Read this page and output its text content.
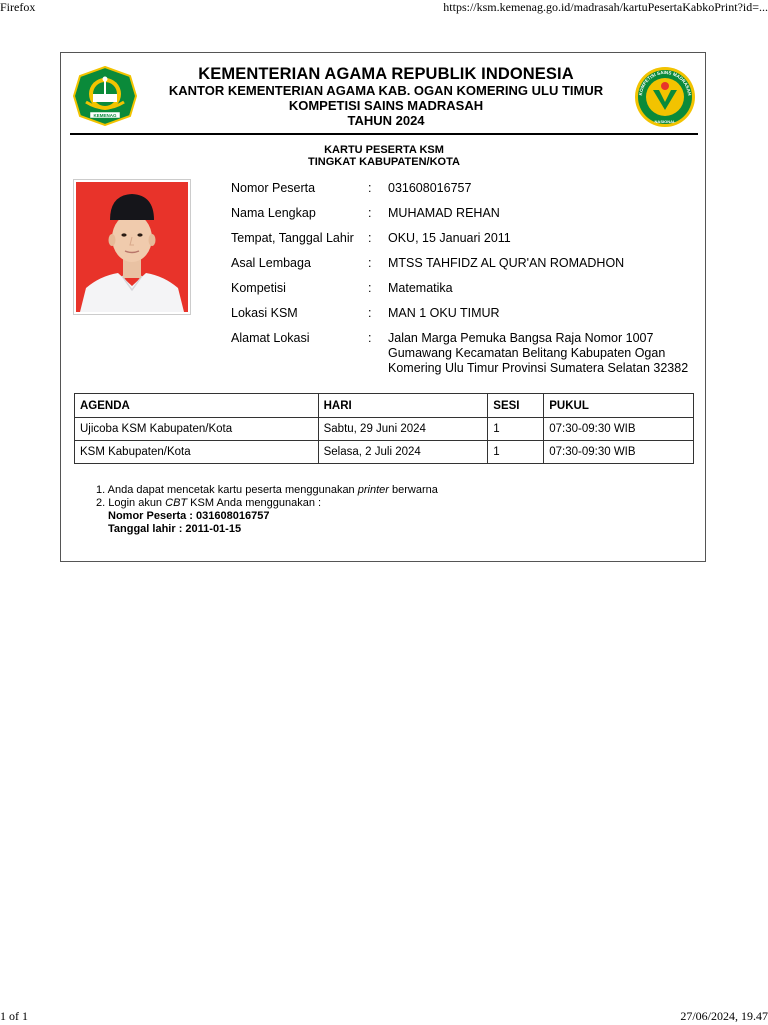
Firefox	https://ksm.kemenag.go.id/madrasah/kartuPesertaKabkoPrint?id=...
KEMENAG
KEMENTERIAN AGAMA REPUBLIK INDONESIA
KANTOR KEMENTERIAN AGAMA KAB. OGAN KOMERING ULU TIMUR
KOMPETISI SAINS MADRASAH
TAHUN 2024
KOMPETISI SAINS MADRASAH
NASIONAL
KARTU PESERTA KSM
TINGKAT KABUPATEN/KOTA
Nomor Peserta	: 031608016757
Nama Lengkap	: MUHAMAD REHAN
Tempat, Tanggal Lahir	: OKU, 15 Januari 2011
Asal Lembaga	: MTSS TAHFIDZ AL QUR'AN ROMADHON
Kompetisi	: Matematika
Lokasi KSM	: MAN 1 OKU TIMUR
Alamat Lokasi	: Jalan Marga Pemuka Bangsa Raja Nomor 1007
Gumawang Kecamatan Belitang Kabupaten Ogan
Komering Ulu Timur Provinsi Sumatera Selatan 32382
AGENDA	HARI	SESI	PUKUL
Ujicoba KSM Kabupaten/Kota	Sabtu, 29 Juni 2024	1	07:30-09:30 WIB
KSM Kabupaten/Kota	Selasa, 2 Juli 2024	1	07:30-09:30 WIB

1. Anda dapat mencetak kartu peserta menggunakan printer berwarna

2. Login akun CBT KSM Anda menggunakan :

Nomor Peserta : 031608016757

Tanggal lahir : 2011-01-15

1 of 1	27/06/2024, 19.47
